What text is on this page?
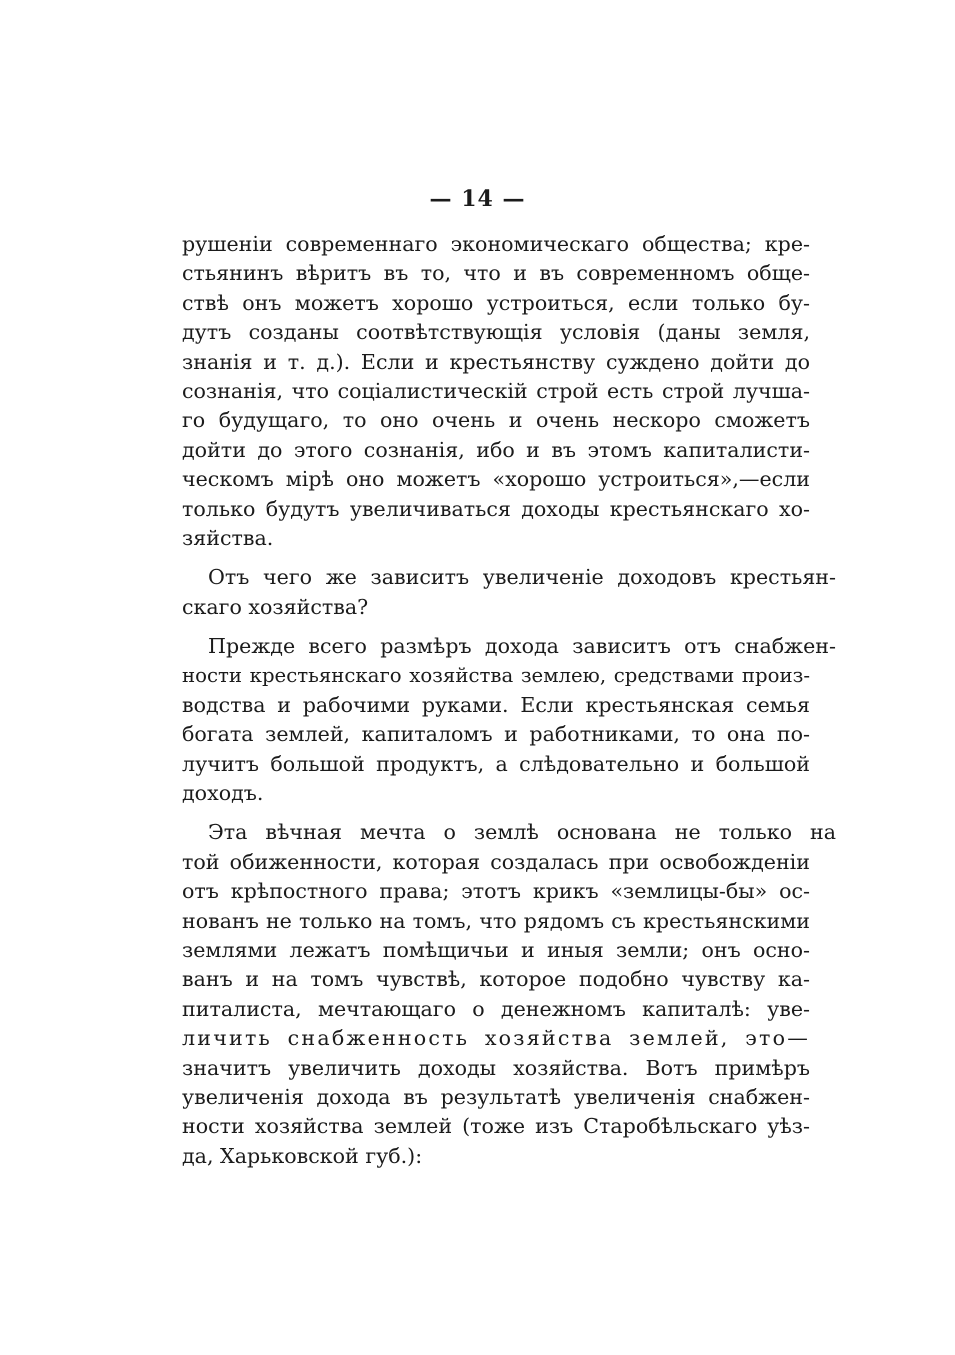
— 14 —
рушеніи современнаго экономическаго общества; кре-
стьянинъ вѣритъ въ то, что и въ современномъ обще-
ствѣ онъ можетъ хорошо устроиться, если только бу-
дутъ созданы соотвѣтствующія условія (даны земля,
знанія и т. д.). Если и крестьянству суждено дойти до
сознанія, что соціалистическій строй есть строй лучша-
го будущаго, то оно очень и очень нескоро сможетъ
дойти до этого сознанія, ибо и въ этомъ капиталисти-
ческомъ мірѣ оно можетъ «хорошо устроиться»,—если
только будутъ увеличиваться доходы крестьянскаго хо-
зяйства.
Отъ чего же зависитъ увеличеніе доходовъ крестьян-
скаго хозяйства?
Прежде всего размѣръ дохода зависитъ отъ снабжен-
ности крестьянскаго хозяйства землею, средствами произ-
водства и рабочими руками. Если крестьянская семья
богата землей, капиталомъ и работниками, то она по-
лучитъ большой продуктъ, а слѣдовательно и большой
доходъ.
Эта вѣчная мечта о землѣ основана не только на
той обиженности, которая создалась при освобожденіи
отъ крѣпостного права; этотъ крикъ «землицы-бы» ос-
нованъ не только на томъ, что рядомъ съ крестьянскими
землями лежатъ помѣщичьи и иныя земли; онъ осно-
ванъ и на томъ чувствѣ, которое подобно чувству ка-
питалиста, мечтающаго о денежномъ капиталѣ: уве-
личить снабженность хозяйства землей, это—
значитъ увеличить доходы хозяйства. Вотъ примѣръ
увеличенія дохода въ результатѣ увеличенія снабжен-
ности хозяйства землей (тоже изъ Старобѣльскаго уѣз-
да, Харьковской губ.):
